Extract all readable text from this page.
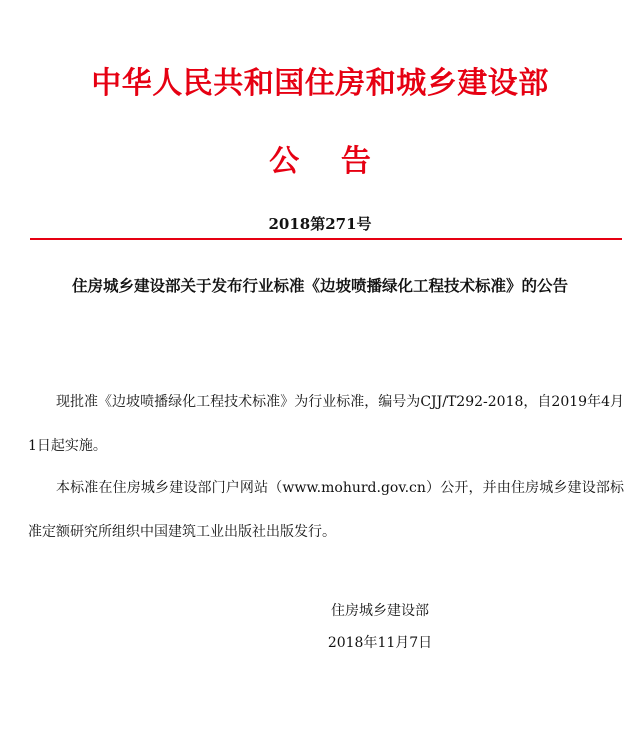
中华人民共和国住房和城乡建设部
公    告
2018第271号
住房城乡建设部关于发布行业标准《边坡喷播绿化工程技术标准》的公告

现批准《边坡喷播绿化工程技术标准》为行业标准，编号为CJJ/T292-2018，自2019年4月1日起实施。

本标准在住房城乡建设部门户网站（www.mohurd.gov.cn）公开，并由住房城乡建设部标准定额研究所组织中国建筑工业出版社出版发行。

住房城乡建设部
2018年11月7日
